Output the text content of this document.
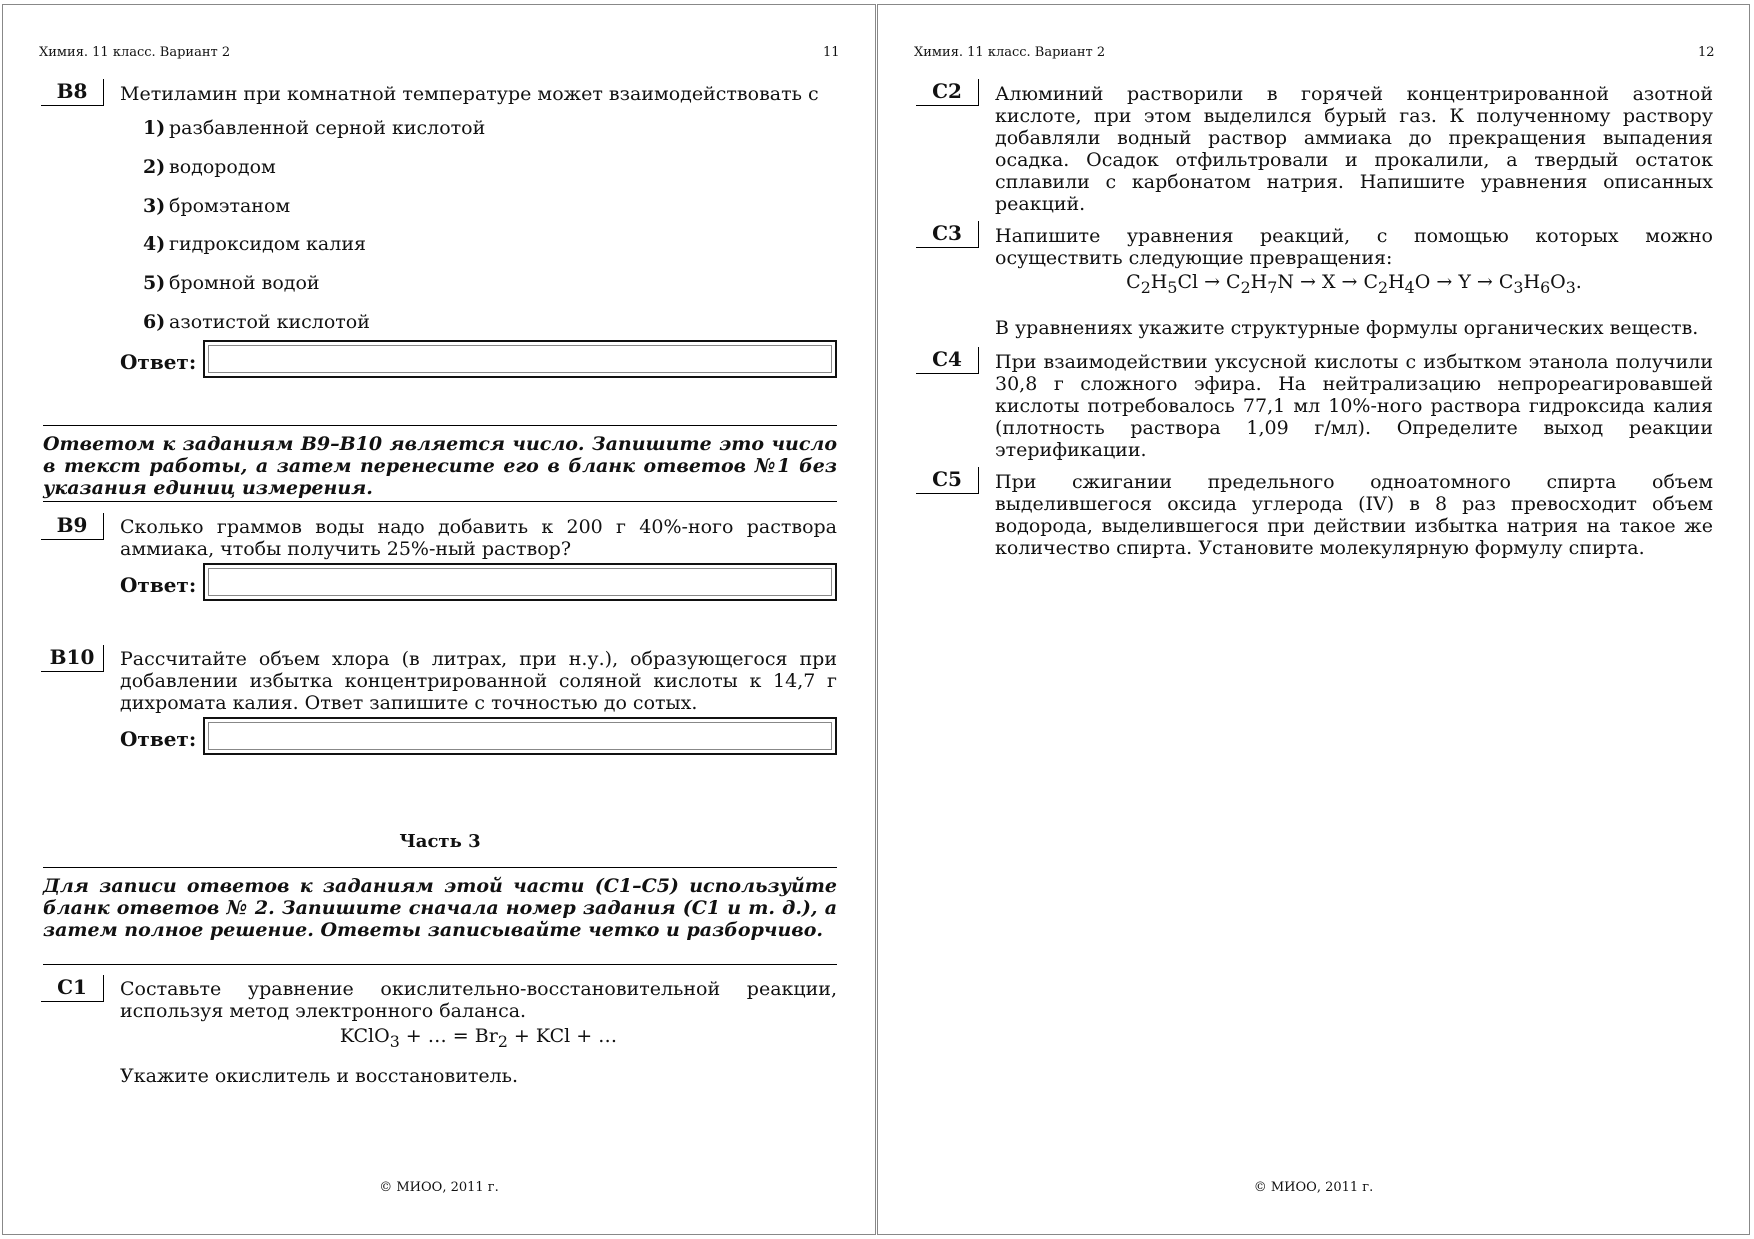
Химия. 11 класс. Вариант 2	11
B8	Метиламин при комнатной температуре может взаимодействовать с
1) разбавленной серной кислотой
2) водородом
3) бромэтаном
4) гидроксидом калия
5) бромной водой
6) азотистой кислотой
Ответ:
Ответом к заданиям В9–В10 является число. Запишите это число в текст работы, а затем перенесите его в бланк ответов №1 без указания единиц измерения.
B9	Сколько граммов воды надо добавить к 200 г 40%-ного раствора аммиака, чтобы получить 25%-ный раствор?
Ответ:
B10	Рассчитайте объем хлора (в литрах, при н.у.), образующегося при добавлении избытка концентрированной соляной кислоты к 14,7 г дихромата калия. Ответ запишите с точностью до сотых.
Ответ:
Часть 3
Для записи ответов к заданиям этой части (С1–С5) используйте бланк ответов № 2. Запишите сначала номер задания (С1 и т. д.), а затем полное решение. Ответы записывайте четко и разборчиво.
C1	Составьте уравнение окислительно-восстановительной реакции, используя метод электронного баланса.
KClO$_3$ + … = $Br_2$ + KCl + …
Укажите окислитель и восстановитель.
© МИОО, 2011 г.
Химия. 11 класс. Вариант 2	12
C2	Алюминий растворили в горячей концентрированной азотной кислоте, при этом выделился бурый газ. К полученному раствору добавляли водный раствор аммиака до прекращения выпадения осадка. Осадок отфильтровали и прокалили, а твердый остаток сплавили с карбонатом натрия. Напишите уравнения описанных реакций.
C3	Напишите уравнения реакций, с помощью которых можно осуществить следующие превращения:
$C_2H_5Cl \to C_2H_7N \to X \to C_2H_4O \to Y \to C_3H_6O_3$.
В уравнениях укажите структурные формулы органических веществ.
C4	При взаимодействии уксусной кислоты с избытком этанола получили 30,8 г сложного эфира. На нейтрализацию непрореагировавшей кислоты потребовалось 77,1 мл 10%-ного раствора гидроксида калия (плотность раствора 1,09 г/мл). Определите выход реакции этерификации.
C5	При сжигании предельного одноатомного спирта объем выделившегося оксида углерода (IV) в 8 раз превосходит объем водорода, выделившегося при действии избытка натрия на такое же количество спирта. Установите молекулярную формулу спирта.
© МИОО, 2011 г.
